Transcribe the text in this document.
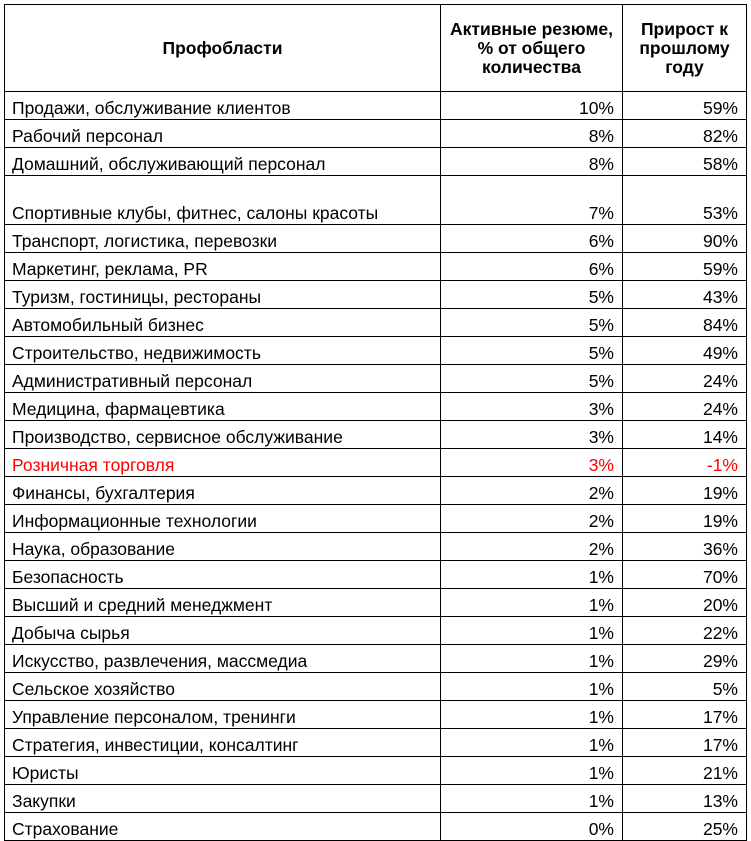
Профобласти	Активные резюме, % от общего количества	Прирост к прошлому году
Продажи, обслуживание клиентов	10%	59%
Рабочий персонал	8%	82%
Домашний, обслуживающий персонал	8%	58%
Спортивные клубы, фитнес, салоны красоты	7%	53%
Транспорт, логистика, перевозки	6%	90%
Маркетинг, реклама, PR	6%	59%
Туризм, гостиницы, рестораны	5%	43%
Автомобильный бизнес	5%	84%
Строительство, недвижимость	5%	49%
Административный персонал	5%	24%
Медицина, фармацевтика	3%	24%
Производство, сервисное обслуживание	3%	14%
Розничная торговля	3%	-1%
Финансы, бухгалтерия	2%	19%
Информационные технологии	2%	19%
Наука, образование	2%	36%
Безопасность	1%	70%
Высший и средний менеджмент	1%	20%
Добыча сырья	1%	22%
Искусство, развлечения, массмедиа	1%	29%
Сельское хозяйство	1%	5%
Управление персоналом, тренинги	1%	17%
Стратегия, инвестиции, консалтинг	1%	17%
Юристы	1%	21%
Закупки	1%	13%
Страхование	0%	25%
